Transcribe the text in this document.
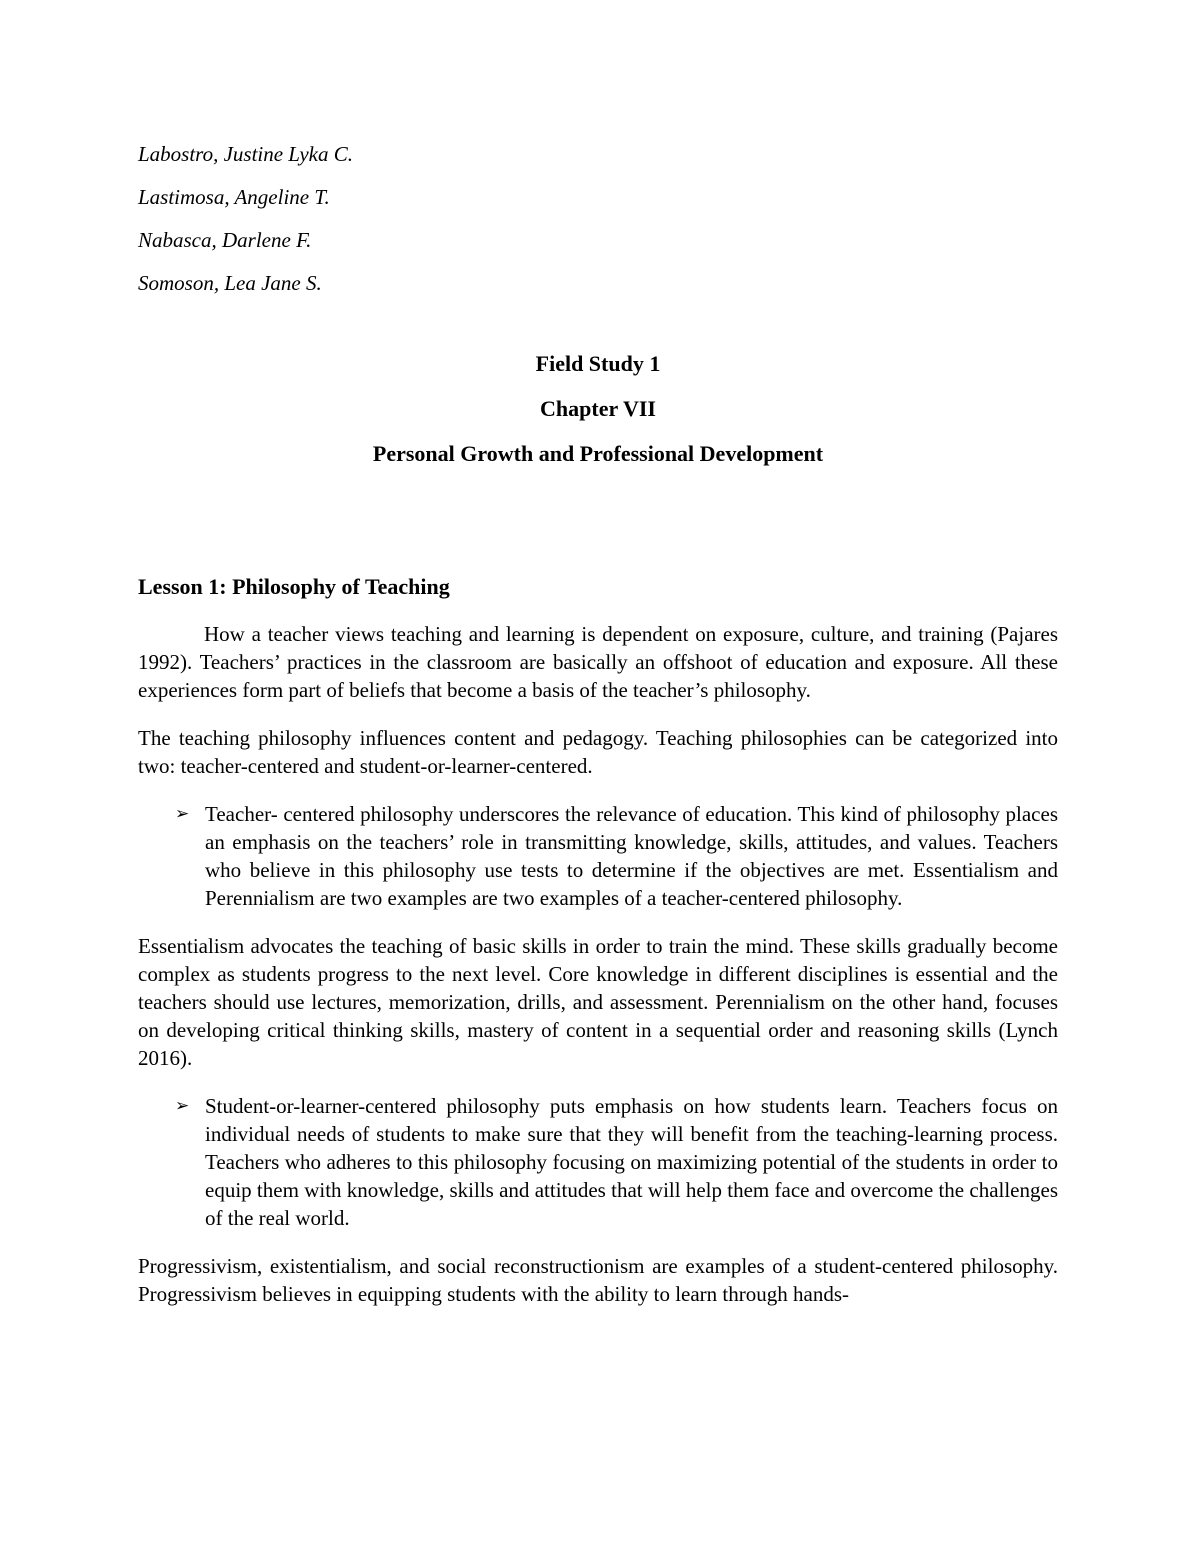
Labostro, Justine Lyka C.

Lastimosa, Angeline T.

Nabasca, Darlene F.

Somoson, Lea Jane S.

Field Study 1

Chapter VII

Personal Growth and Professional Development

Lesson 1: Philosophy of Teaching

How a teacher views teaching and learning is dependent on exposure, culture, and training (Pajares 1992). Teachers’ practices in the classroom are basically an offshoot of education and exposure. All these experiences form part of beliefs that become a basis of the teacher’s philosophy.

The teaching philosophy influences content and pedagogy. Teaching philosophies can be categorized into two: teacher-centered and student-or-learner-centered.

➢ Teacher- centered philosophy underscores the relevance of education. This kind of philosophy places an emphasis on the teachers’ role in transmitting knowledge, skills, attitudes, and values. Teachers who believe in this philosophy use tests to determine if the objectives are met. Essentialism and Perennialism are two examples are two examples of a teacher-centered philosophy.

Essentialism advocates the teaching of basic skills in order to train the mind. These skills gradually become complex as students progress to the next level. Core knowledge in different disciplines is essential and the teachers should use lectures, memorization, drills, and assessment. Perennialism on the other hand, focuses on developing critical thinking skills, mastery of content in a sequential order and reasoning skills (Lynch 2016).

➢ Student-or-learner-centered philosophy puts emphasis on how students learn. Teachers focus on individual needs of students to make sure that they will benefit from the teaching-learning process. Teachers who adheres to this philosophy focusing on maximizing potential of the students in order to equip them with knowledge, skills and attitudes that will help them face and overcome the challenges of the real world.

Progressivism, existentialism, and social reconstructionism are examples of a student-centered philosophy. Progressivism believes in equipping students with the ability to learn through hands-
